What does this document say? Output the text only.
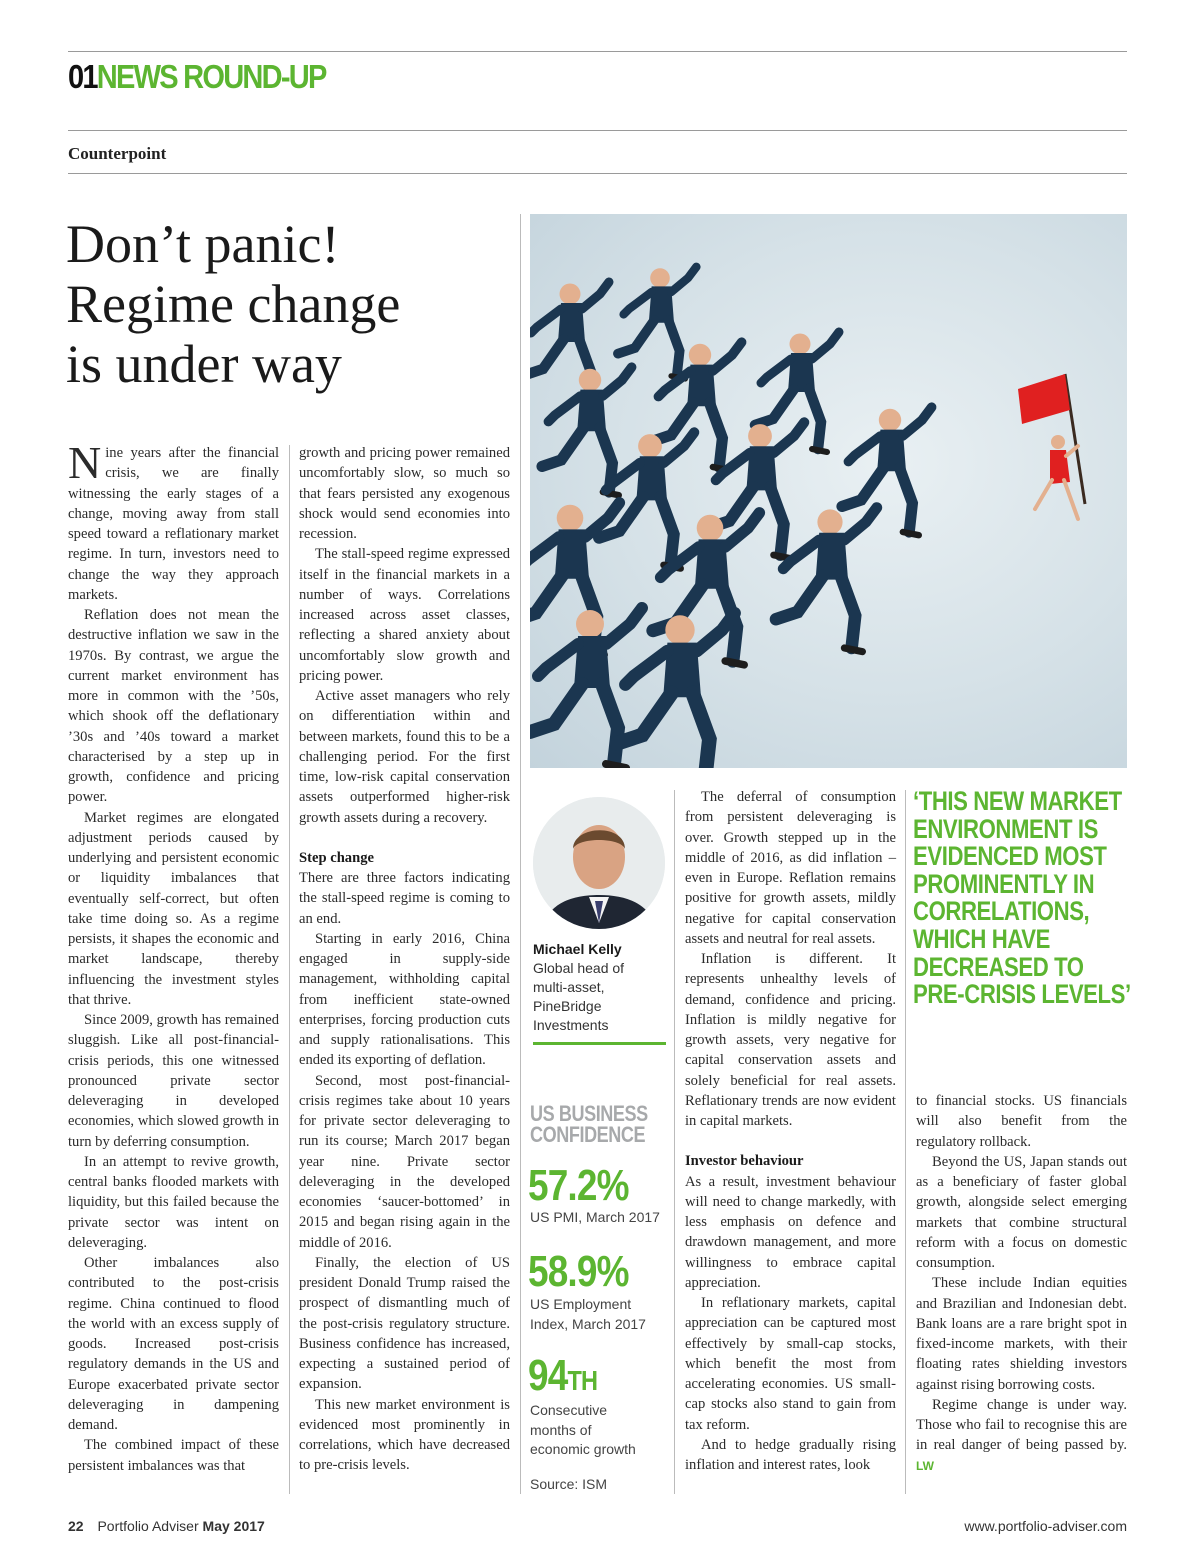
01NEWS ROUND-UP
Counterpoint
Don’t panic!
Regime change
is under way

Nine years after the financial crisis, we are finally witnessing the early stages of a change, moving away from stall speed toward a reflationary market regime. In turn, investors need to change the way they approach markets.

Reflation does not mean the destructive inflation we saw in the 1970s. By contrast, we argue the current market environment has more in common with the ’50s, which shook off the deflationary ’30s and ’40s toward a market characterised by a step up in growth, confidence and pricing power.

Market regimes are elongated adjustment periods caused by underlying and persistent economic or liquidity imbalances that eventually self-correct, but often take time doing so. As a regime persists, it shapes the economic and market landscape, thereby influencing the investment styles that thrive.

Since 2009, growth has remained sluggish. Like all post-financial-crisis periods, this one witnessed pronounced private sector deleveraging in developed economies, which slowed growth in turn by deferring consumption.

In an attempt to revive growth, central banks flooded markets with liquidity, but this failed because the private sector was intent on deleveraging.

Other imbalances also contributed to the post-crisis regime. China continued to flood the world with an excess supply of goods. Increased post-crisis regulatory demands in the US and Europe exacerbated private sector deleveraging in dampening demand.

The combined impact of these persistent imbalances was that

growth and pricing power remained uncomfortably slow, so much so that fears persisted any exogenous shock would send economies into recession.

The stall-speed regime expressed itself in the financial markets in a number of ways. Correlations increased across asset classes, reflecting a shared anxiety about uncomfortably slow growth and pricing power.

Active asset managers who rely on differentiation within and between markets, found this to be a challenging period. For the first time, low-risk capital conservation assets outperformed higher-risk growth assets during a recovery.

Step change

There are three factors indicating the stall-speed regime is coming to an end.

Starting in early 2016, China engaged in supply-side management, withholding capital from inefficient state-owned enterprises, forcing production cuts and supply rationalisations. This ended its exporting of deflation.

Second, most post-financial-crisis regimes take about 10 years for private sector deleveraging to run its course; March 2017 began year nine. Private sector deleveraging in the developed economies ‘saucer-bottomed’ in 2015 and began rising again in the middle of 2016.

Finally, the election of US president Donald Trump raised the prospect of dismantling much of the post-crisis regulatory structure. Business confidence has increased, expecting a sustained period of expansion.

This new market environment is evidenced most prominently in correlations, which have decreased to pre-crisis levels.

Michael Kelly
Global head of
multi-asset,
PineBridge
Investments
US BUSINESS
CONFIDENCE
57.2%
US PMI, March 2017
58.9%
US Employment
Index, March 2017
94TH
Consecutive
months of
economic growth
Source: ISM

The deferral of consumption from persistent deleveraging is over. Growth stepped up in the middle of 2016, as did inflation – even in Europe. Reflation remains positive for growth assets, mildly negative for capital conservation assets and neutral for real assets.

Inflation is different. It represents unhealthy levels of demand, confidence and pricing. Inflation is mildly negative for growth assets, very negative for capital conservation assets and solely beneficial for real assets. Reflationary trends are now evident in capital markets.

Investor behaviour

As a result, investment behaviour will need to change markedly, with less emphasis on defence and drawdown management, and more willingness to embrace capital appreciation.

In reflationary markets, capital appreciation can be captured most effectively by small-cap stocks, which benefit the most from accelerating economies. US small-cap stocks also stand to gain from tax reform.

And to hedge gradually rising inflation and interest rates, look

‘THIS NEW MARKET ENVIRONMENT IS EVIDENCED MOST PROMINENTLY IN CORRELATIONS, WHICH HAVE DECREASED TO PRE-CRISIS LEVELS’

to financial stocks. US financials will also benefit from the regulatory rollback.

Beyond the US, Japan stands out as a beneficiary of faster global growth, alongside select emerging markets that combine structural reform with a focus on domestic consumption.

These include Indian equities and Brazilian and Indonesian debt. Bank loans are a rare bright spot in fixed-income markets, with their floating rates shielding investors against rising borrowing costs.

Regime change is under way. Those who fail to recognise this are in real danger of being passed by. LW

22 Portfolio Adviser May 2017	www.portfolio-adviser.com
